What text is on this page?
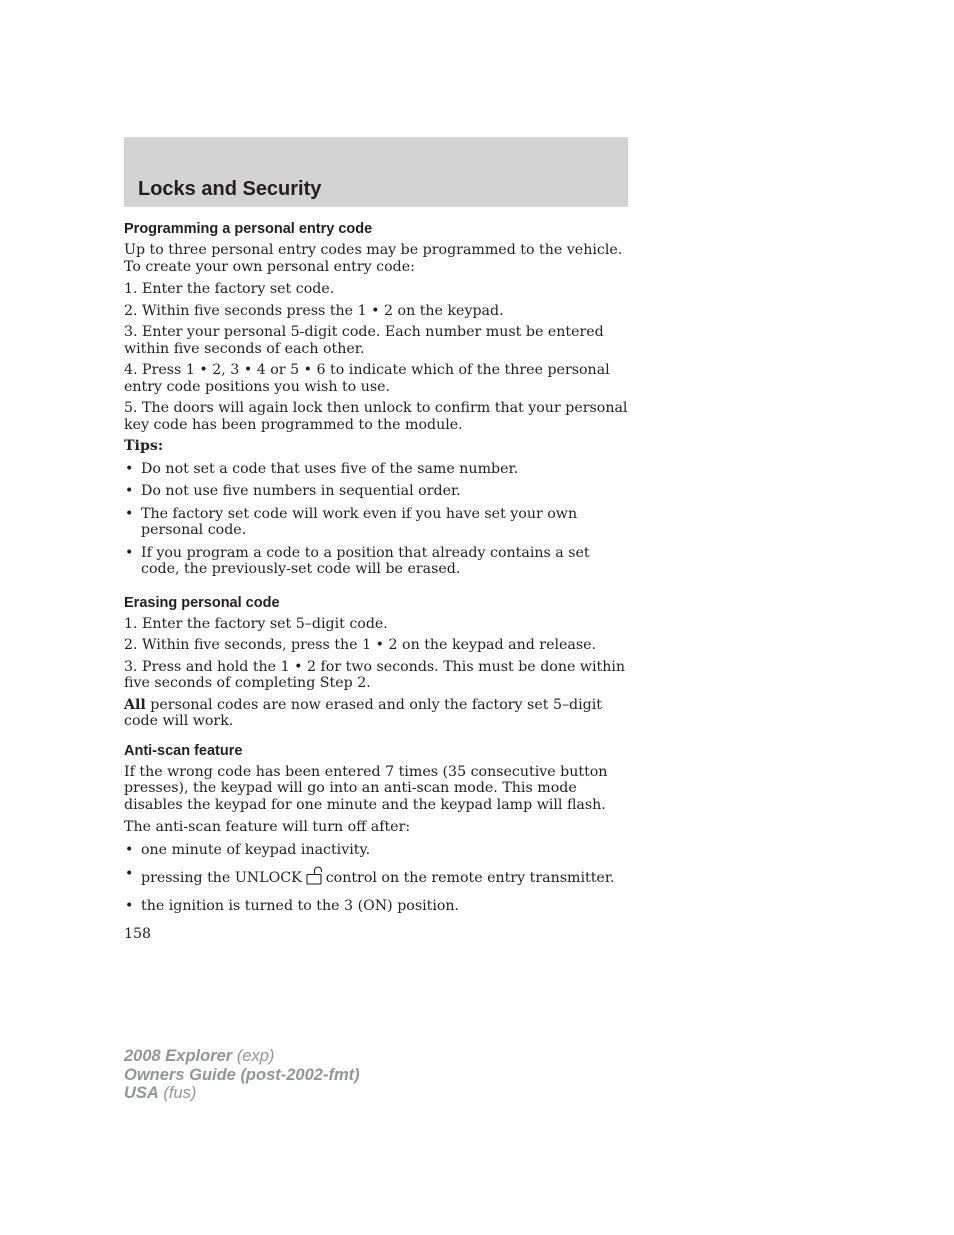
Locks and Security
Programming a personal entry code

Up to three personal entry codes may be programmed to the vehicle. To create your own personal entry code:

1. Enter the factory set code.

2. Within five seconds press the 1 • 2 on the keypad.

3. Enter your personal 5-digit code. Each number must be entered within five seconds of each other.

4. Press 1 • 2, 3 • 4 or 5 • 6 to indicate which of the three personal entry code positions you wish to use.

5. The doors will again lock then unlock to confirm that your personal key code has been programmed to the module.

Tips:

• Do not set a code that uses five of the same number.
• Do not use five numbers in sequential order.
• The factory set code will work even if you have set your own personal code.
• If you program a code to a position that already contains a set code, the previously-set code will be erased.
Erasing personal code

1. Enter the factory set 5–digit code.

2. Within five seconds, press the 1 • 2 on the keypad and release.

3. Press and hold the 1 • 2 for two seconds. This must be done within five seconds of completing Step 2.

All personal codes are now erased and only the factory set 5–digit code will work.

Anti-scan feature

If the wrong code has been entered 7 times (35 consecutive button presses), the keypad will go into an anti-scan mode. This mode disables the keypad for one minute and the keypad lamp will flash.

The anti-scan feature will turn off after:

• one minute of keypad inactivity.
• pressing the UNLOCK control on the remote entry transmitter.
• the ignition is turned to the 3 (ON) position.
158
2008 Explorer (exp)
Owners Guide (post-2002-fmt)
USA (fus)
